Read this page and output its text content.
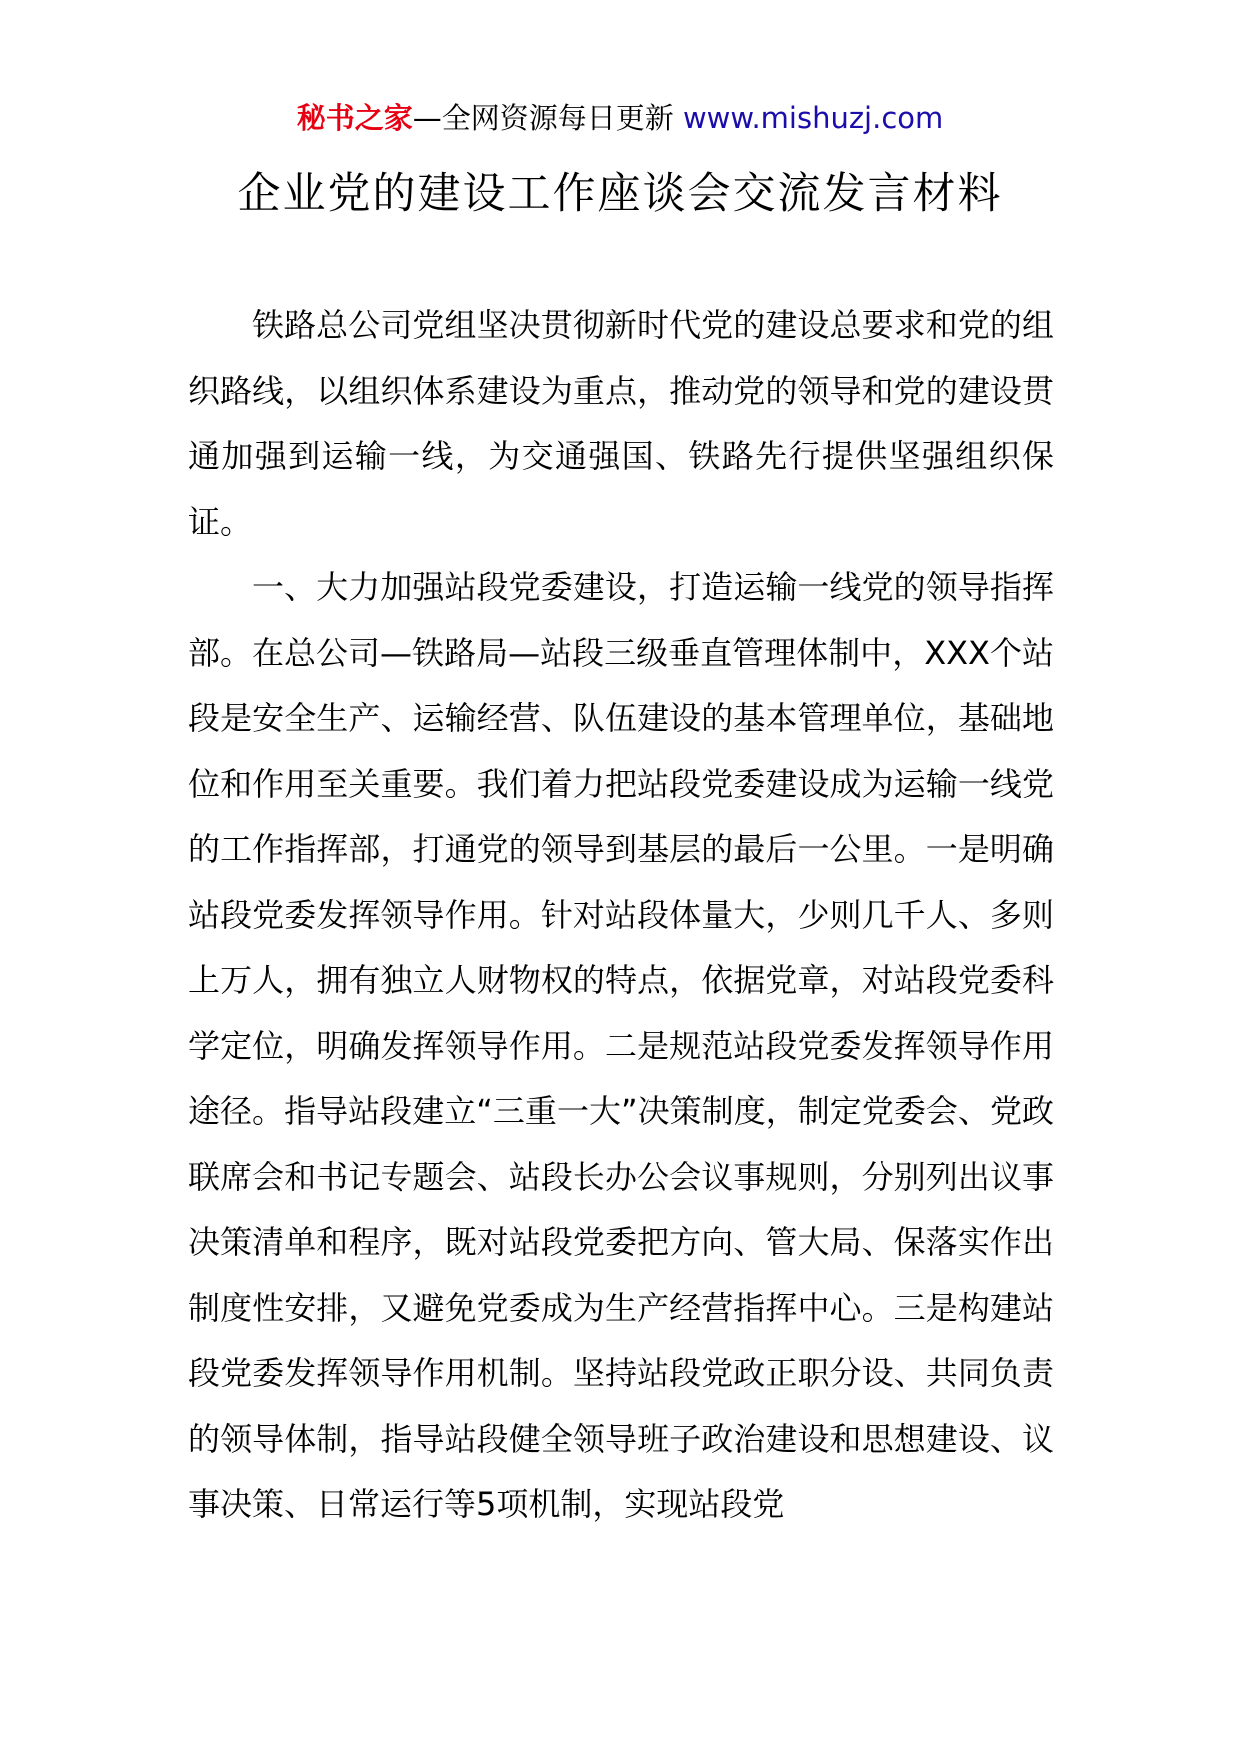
秘书之家—全网资源每日更新 www.mishuzj.com
企业党的建设工作座谈会交流发言材料

铁路总公司党组坚决贯彻新时代党的建设总要求和党的组织路线，以组织体系建设为重点，推动党的领导和党的建设贯通加强到运输一线，为交通强国、铁路先行提供坚强组织保证。

一、大力加强站段党委建设，打造运输一线党的领导指挥部。在总公司—铁路局—站段三级垂直管理体制中，XXX个站段是安全生产、运输经营、队伍建设的基本管理单位，基础地位和作用至关重要。我们着力把站段党委建设成为运输一线党的工作指挥部，打通党的领导到基层的最后一公里。一是明确站段党委发挥领导作用。针对站段体量大，少则几千人、多则上万人，拥有独立人财物权的特点，依据党章，对站段党委科学定位，明确发挥领导作用。二是规范站段党委发挥领导作用途径。指导站段建立“三重一大”决策制度，制定党委会、党政联席会和书记专题会、站段长办公会议事规则，分别列出议事决策清单和程序，既对站段党委把方向、管大局、保落实作出制度性安排，又避免党委成为生产经营指挥中心。三是构建站段党委发挥领导作用机制。坚持站段党政正职分设、共同负责的领导体制，指导站段健全领导班子政治建设和思想建设、议事决策、日常运行等5项机制，实现站段党
